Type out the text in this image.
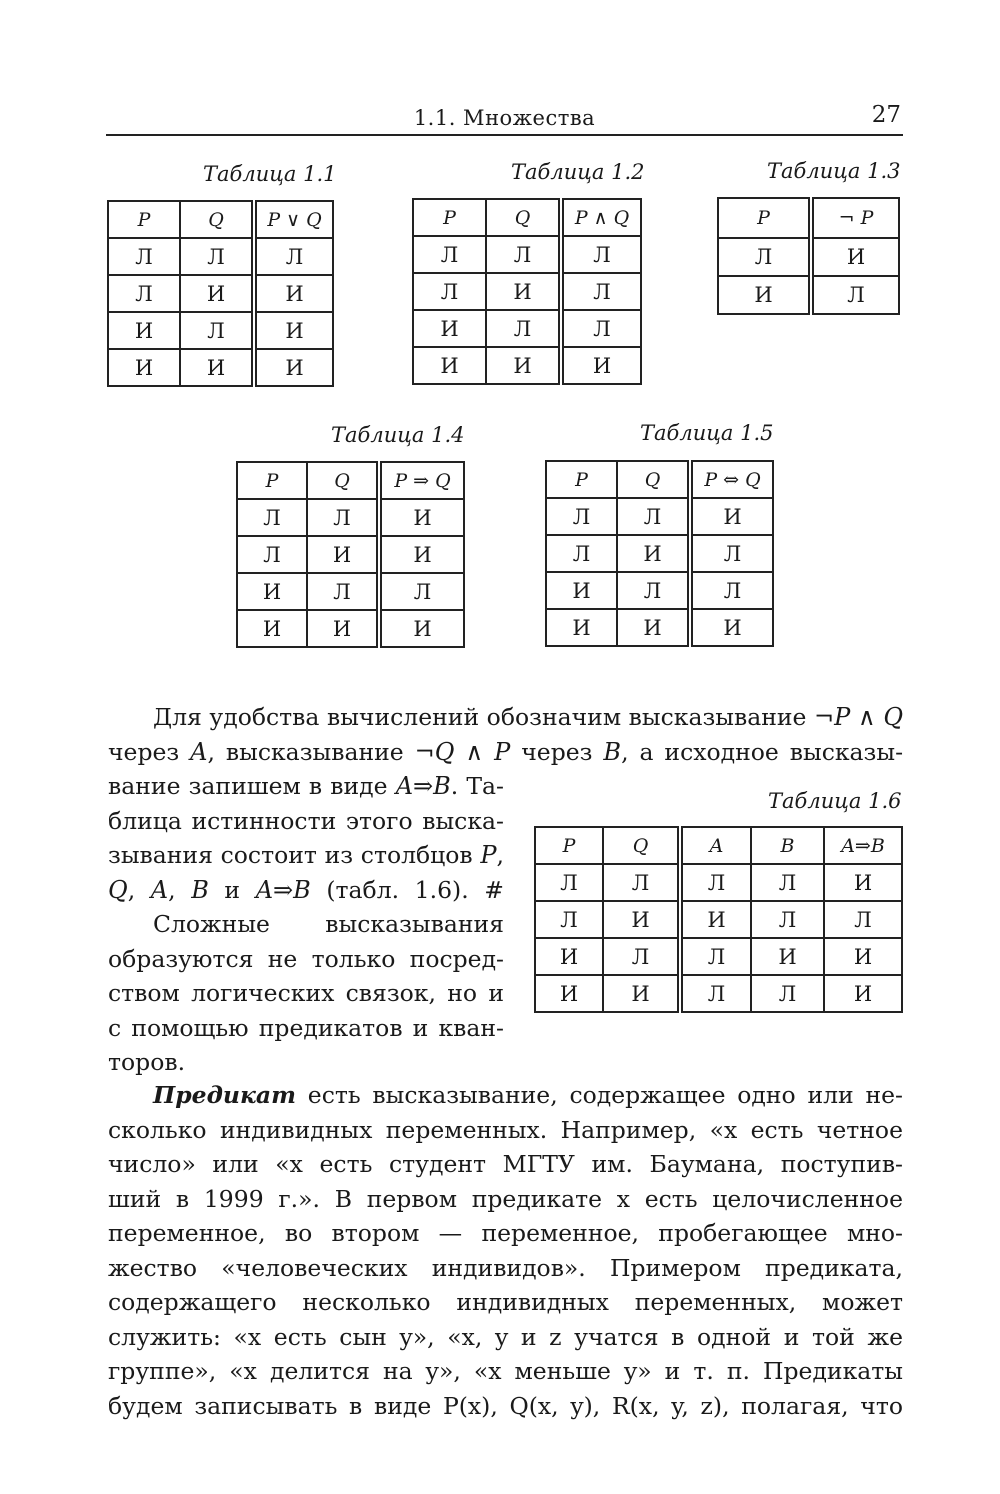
1.1. Множества	27
Таблица 1.1
P	Q	P ∨ Q
Л	Л	Л
Л	И	И
И	Л	И
И	И	И
Таблица 1.2
P	Q	P ∧ Q
Л	Л	Л
Л	И	Л
И	Л	Л
И	И	И
Таблица 1.3
P	¬ P
Л	И
И	Л
Таблица 1.4
P	Q	P ⇒ Q
Л	Л	И
Л	И	И
И	Л	Л
И	И	И
Таблица 1.5
P	Q	P ⇔ Q
Л	Л	И
Л	И	Л
И	Л	Л
И	И	И

Для удобства вычислений обозначим высказывание ¬P ∧ Q

через A, высказывание ¬Q ∧ P через B, а исходное высказы-

вание запишем в виде A⇒B. Та-

блица истинности этого выска-

зывания состоит из столбцов P,

Q, A, B и A⇒B (табл. 1.6). #

Сложные высказывания

образуются не только посред-

ством логических связок, но и

с помощью предикатов и кван-

торов.

Таблица 1.6
P	Q	A	B	A⇒B
Л	Л	Л	Л	И
Л	И	И	Л	Л
И	Л	Л	И	И
И	И	Л	Л	И

Предикат есть высказывание, содержащее одно или не-

сколько индивидных переменных. Например, «x есть четное

число» или «x есть студент МГТУ им. Баумана, поступив-

ший в 1999 г.». В первом предикате x есть целочисленное

переменное, во втором — переменное, пробегающее мно-

жество «человеческих индивидов». Примером предиката,

содержащего несколько индивидных переменных, может

служить: «x есть сын y», «x, y и z учатся в одной и той же

группе», «x делится на y», «x меньше y» и т. п. Предикаты

будем записывать в виде P(x), Q(x, y), R(x, y, z), полагая, что
